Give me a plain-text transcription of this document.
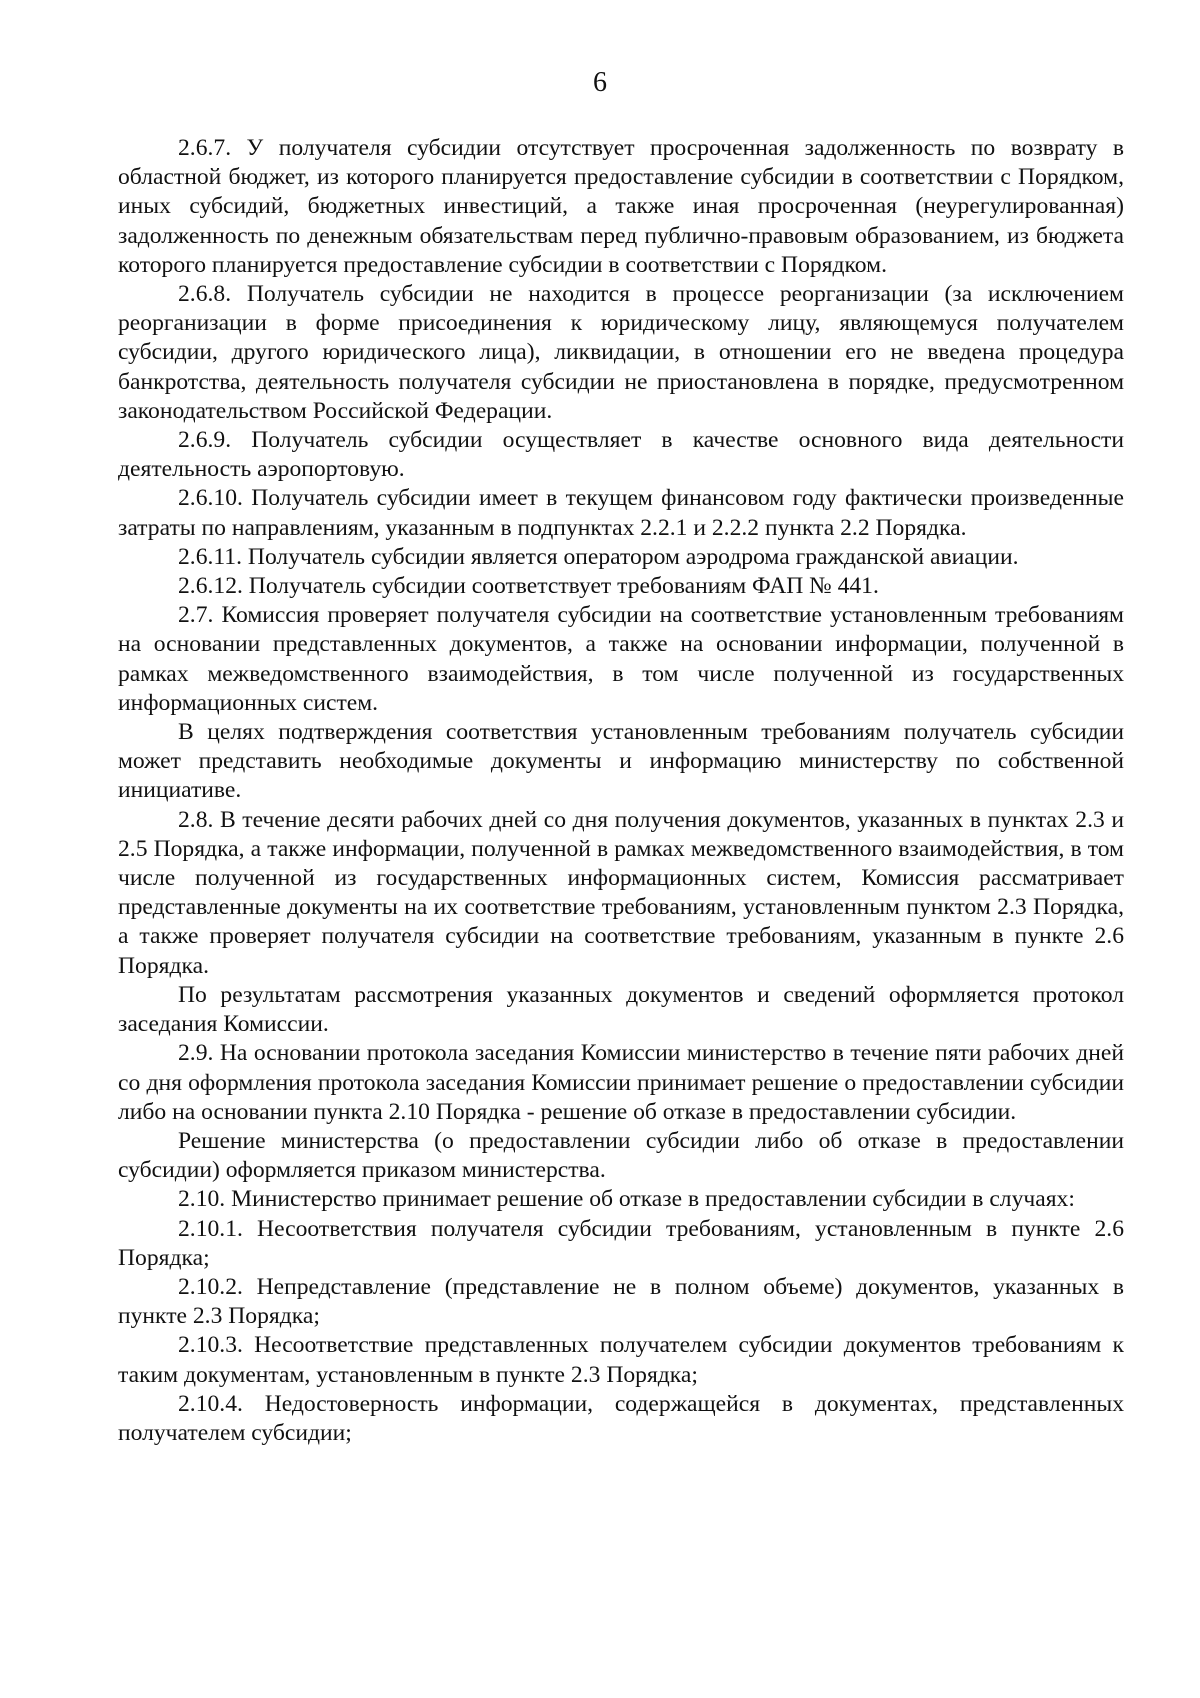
6

2.6.7. У получателя субсидии отсутствует просроченная задолженность по возврату в областной бюджет, из которого планируется предоставление субсидии в соответствии с Порядком, иных субсидий, бюджетных инвестиций, а также иная просроченная (неурегулированная) задолженность по денежным обязательствам перед публично-правовым образованием, из бюджета которого планируется предоставление субсидии в соответствии с Порядком.

2.6.8. Получатель субсидии не находится в процессе реорганизации (за исключением реорганизации в форме присоединения к юридическому лицу, являющемуся получателем субсидии, другого юридического лица), ликвидации, в отношении его не введена процедура банкротства, деятельность получателя субсидии не приостановлена в порядке, предусмотренном законодательством Российской Федерации.

2.6.9. Получатель субсидии осуществляет в качестве основного вида деятельности деятельность аэропортовую.

2.6.10. Получатель субсидии имеет в текущем финансовом году фактически произведенные затраты по направлениям, указанным в подпунктах 2.2.1 и 2.2.2 пункта 2.2 Порядка.

2.6.11. Получатель субсидии является оператором аэродрома гражданской авиации.

2.6.12. Получатель субсидии соответствует требованиям ФАП № 441.

2.7. Комиссия проверяет получателя субсидии на соответствие установленным требованиям на основании представленных документов, а также на основании информации, полученной в рамках межведомственного взаимодействия, в том числе полученной из государственных информационных систем.

В целях подтверждения соответствия установленным требованиям получатель субсидии может представить необходимые документы и информацию министерству по собственной инициативе.

2.8. В течение десяти рабочих дней со дня получения документов, указанных в пунктах 2.3 и 2.5 Порядка, а также информации, полученной в рамках межведомственного взаимодействия, в том числе полученной из государственных информационных систем, Комиссия рассматривает представленные документы на их соответствие требованиям, установленным пунктом 2.3 Порядка, а также проверяет получателя субсидии на соответствие требованиям, указанным в пункте 2.6 Порядка.

По результатам рассмотрения указанных документов и сведений оформляется протокол заседания Комиссии.

2.9. На основании протокола заседания Комиссии министерство в течение пяти рабочих дней со дня оформления протокола заседания Комиссии принимает решение о предоставлении субсидии либо на основании пункта 2.10 Порядка - решение об отказе в предоставлении субсидии.

Решение министерства (о предоставлении субсидии либо об отказе в предоставлении субсидии) оформляется приказом министерства.

2.10. Министерство принимает решение об отказе в предоставлении субсидии в случаях:

2.10.1. Несоответствия получателя субсидии требованиям, установленным в пункте 2.6 Порядка;

2.10.2. Непредставление (представление не в полном объеме) документов, указанных в пункте 2.3 Порядка;

2.10.3. Несоответствие представленных получателем субсидии документов требованиям к таким документам, установленным в пункте 2.3 Порядка;

2.10.4. Недостоверность информации, содержащейся в документах, представленных получателем субсидии;
